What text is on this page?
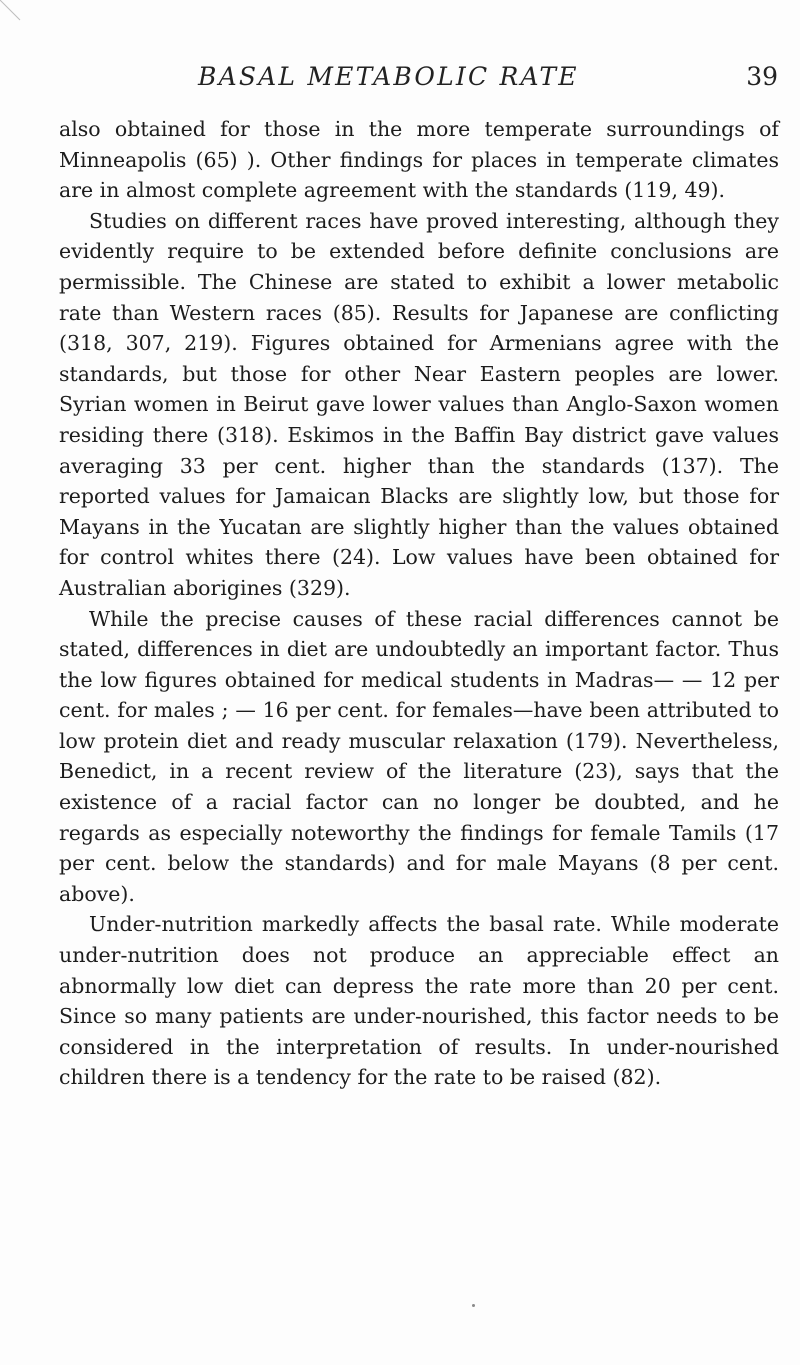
BASAL METABOLIC RATE	39

also obtained for those in the more temperate surroundings of Minneapolis (65) ). Other findings for places in temperate climates are in almost complete agreement with the standards (119, 49).

Studies on different races have proved interesting, although they evidently require to be extended before definite conclusions are permissible. The Chinese are stated to exhibit a lower metabolic rate than Western races (85). Results for Japanese are conflicting (318, 307, 219). Figures obtained for Armenians agree with the standards, but those for other Near Eastern peoples are lower. Syrian women in Beirut gave lower values than Anglo-Saxon women residing there (318). Eskimos in the Baffin Bay district gave values averaging 33 per cent. higher than the standards (137). The reported values for Jamaican Blacks are slightly low, but those for Mayans in the Yucatan are slightly higher than the values obtained for control whites there (24). Low values have been obtained for Australian aborigines (329).

While the precise causes of these racial differences cannot be stated, differences in diet are undoubtedly an important factor. Thus the low figures obtained for medical students in Madras— — 12 per cent. for males ; — 16 per cent. for females—have been attributed to low protein diet and ready muscular relaxation (179). Nevertheless, Benedict, in a recent review of the literature (23), says that the existence of a racial factor can no longer be doubted, and he regards as especially noteworthy the findings for female Tamils (17 per cent. below the standards) and for male Mayans (8 per cent. above).

Under-nutrition markedly affects the basal rate. While moderate under-nutrition does not produce an appreciable effect an abnormally low diet can depress the rate more than 20 per cent. Since so many patients are under-nourished, this factor needs to be considered in the interpretation of results. In under-nourished children there is a tendency for the rate to be raised (82).
